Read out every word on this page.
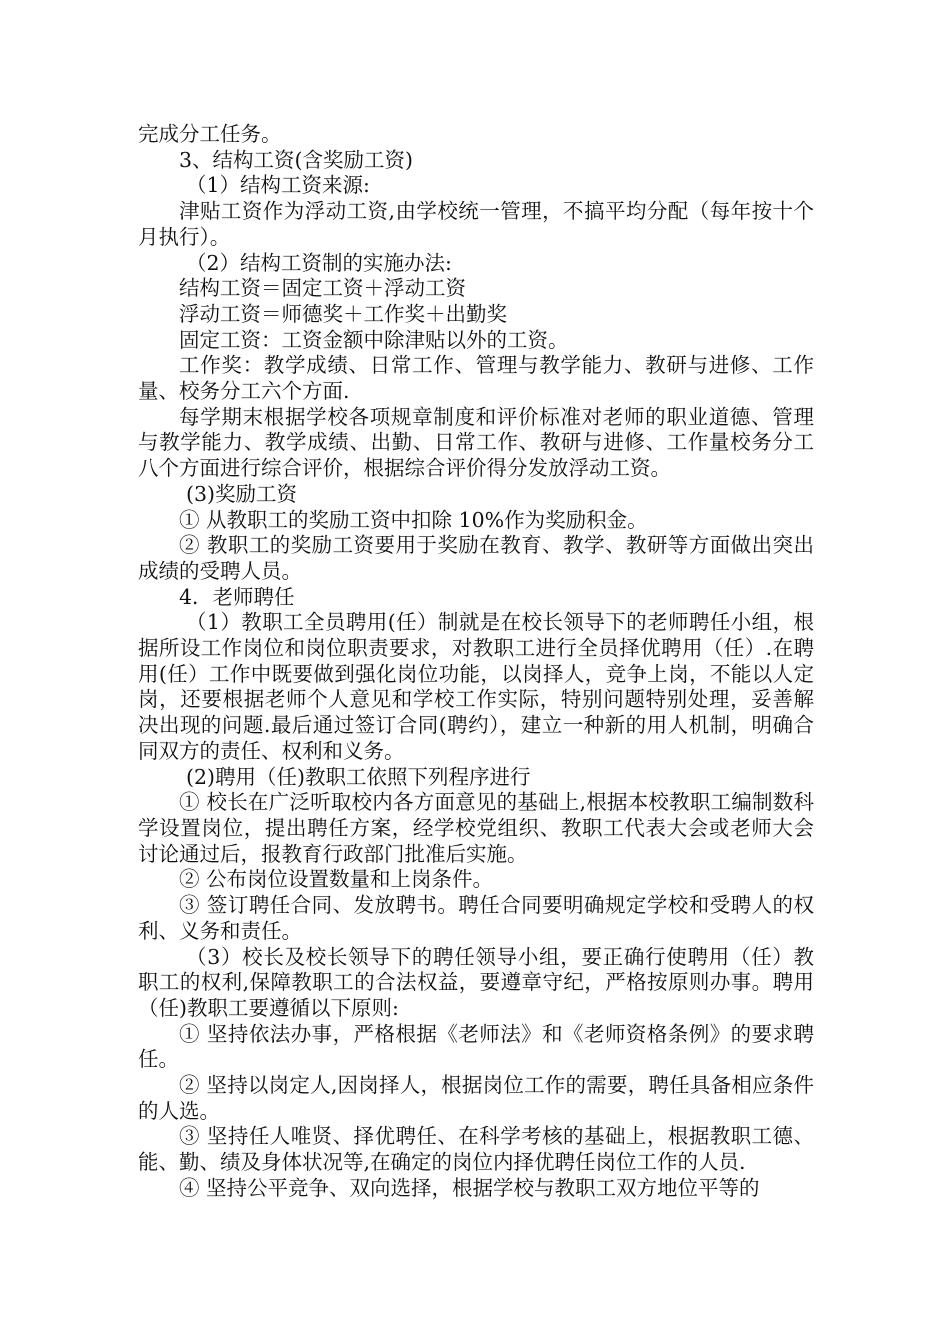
完成分工任务。

3、结构工资(含奖励工资)

（1）结构工资来源:

津贴工资作为浮动工资,由学校统一管理，不搞平均分配（每年按十个月执行）。

（2）结构工资制的实施办法:

结构工资＝固定工资＋浮动工资

浮动工资＝师德奖＋工作奖＋出勤奖

固定工资：工资金额中除津贴以外的工资。

工作奖：教学成绩、日常工作、管理与教学能力、教研与进修、工作量、校务分工六个方面.

每学期末根据学校各项规章制度和评价标准对老师的职业道德、管理与教学能力、教学成绩、出勤、日常工作、教研与进修、工作量校务分工八个方面进行综合评价，根据综合评价得分发放浮动工资。

(3)奖励工资

① 从教职工的奖励工资中扣除 10%作为奖励积金。

② 教职工的奖励工资要用于奖励在教育、教学、教研等方面做出突出成绩的受聘人员。

4．老师聘任

（1）教职工全员聘用(任）制就是在校长领导下的老师聘任小组，根据所设工作岗位和岗位职责要求，对教职工进行全员择优聘用（任）.在聘用(任）工作中既要做到强化岗位功能，以岗择人，竞争上岗，不能以人定岗，还要根据老师个人意见和学校工作实际，特别问题特别处理，妥善解决出现的问题.最后通过签订合同(聘约），建立一种新的用人机制，明确合同双方的责任、权利和义务。

(2)聘用（任)教职工依照下列程序进行

① 校长在广泛听取校内各方面意见的基础上,根据本校教职工编制数科学设置岗位，提出聘任方案，经学校党组织、教职工代表大会或老师大会讨论通过后，报教育行政部门批准后实施。

② 公布岗位设置数量和上岗条件。

③ 签订聘任合同、发放聘书。聘任合同要明确规定学校和受聘人的权利、义务和责任。

（3）校长及校长领导下的聘任领导小组，要正确行使聘用（任）教职工的权利,保障教职工的合法权益，要遵章守纪，严格按原则办事。聘用（任)教职工要遵循以下原则:

① 坚持依法办事，严格根据《老师法》和《老师资格条例》的要求聘任。

② 坚持以岗定人,因岗择人，根据岗位工作的需要，聘任具备相应条件的人选。

③ 坚持任人唯贤、择优聘任、在科学考核的基础上，根据教职工德、能、勤、绩及身体状况等,在确定的岗位内择优聘任岗位工作的人员.

④ 坚持公平竞争、双向选择，根据学校与教职工双方地位平等的
